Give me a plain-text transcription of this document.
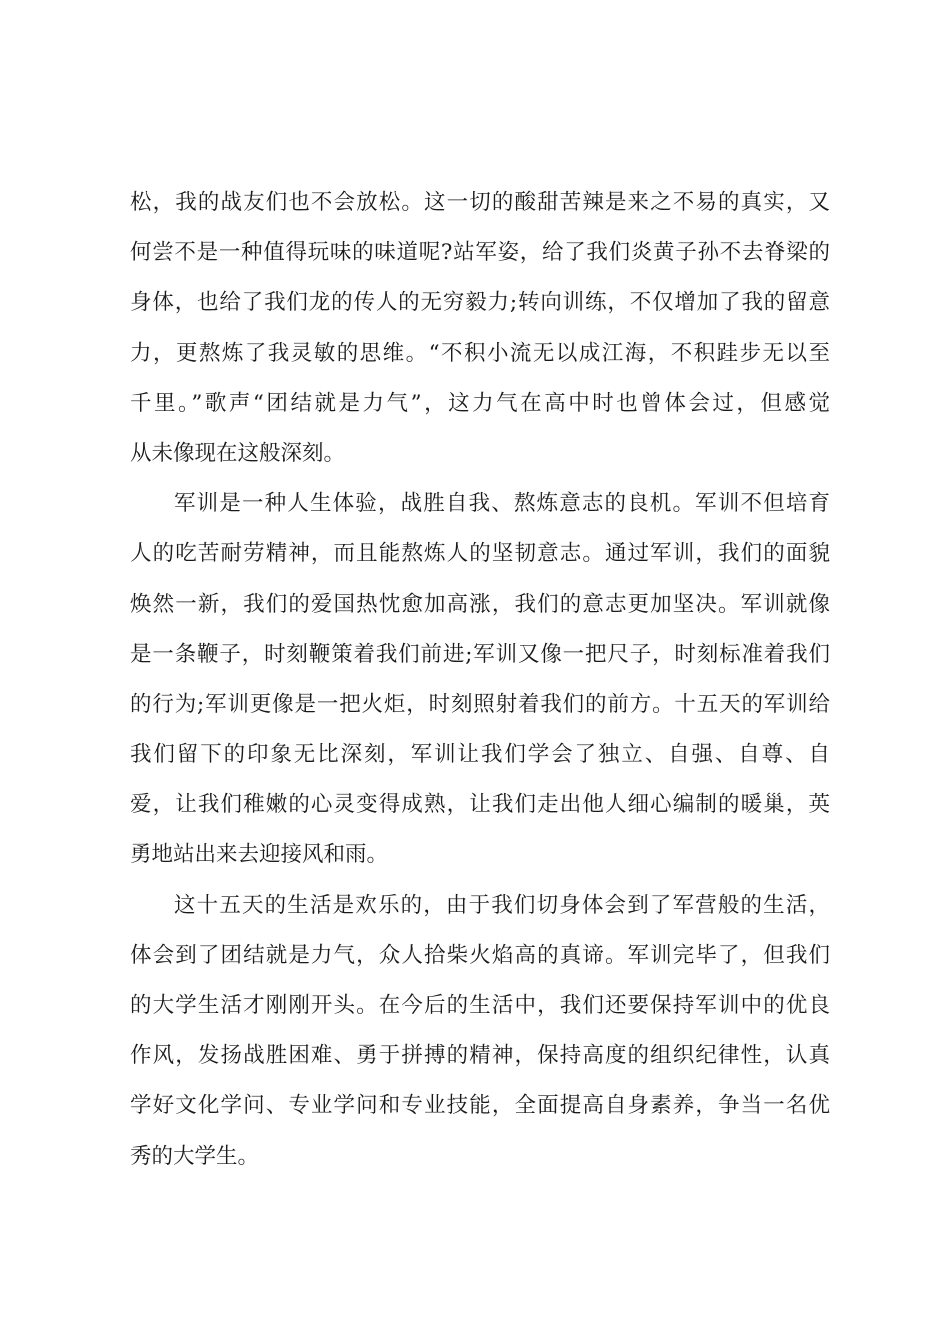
松，我的战友们也不会放松。这一切的酸甜苦辣是来之不易的真实，又
何尝不是一种值得玩味的味道呢?站军姿，给了我们炎黄子孙不去脊梁的
身体，也给了我们龙的传人的无穷毅力;转向训练，不仅增加了我的留意
力，更熬炼了我灵敏的思维。“不积小流无以成江海，不积跬步无以至
千里。”歌声“团结就是力气”，这力气在高中时也曾体会过，但感觉
从未像现在这般深刻。
军训是一种人生体验，战胜自我、熬炼意志的良机。军训不但培育
人的吃苦耐劳精神，而且能熬炼人的坚韧意志。通过军训，我们的面貌
焕然一新，我们的爱国热忱愈加高涨，我们的意志更加坚决。军训就像
是一条鞭子，时刻鞭策着我们前进;军训又像一把尺子，时刻标准着我们
的行为;军训更像是一把火炬，时刻照射着我们的前方。十五天的军训给
我们留下的印象无比深刻，军训让我们学会了独立、自强、自尊、自
爱，让我们稚嫩的心灵变得成熟，让我们走出他人细心编制的暖巢，英
勇地站出来去迎接风和雨。
这十五天的生活是欢乐的，由于我们切身体会到了军营般的生活，
体会到了团结就是力气，众人拾柴火焰高的真谛。军训完毕了，但我们
的大学生活才刚刚开头。在今后的生活中，我们还要保持军训中的优良
作风，发扬战胜困难、勇于拼搏的精神，保持高度的组织纪律性，认真
学好文化学问、专业学问和专业技能，全面提高自身素养，争当一名优
秀的大学生。
